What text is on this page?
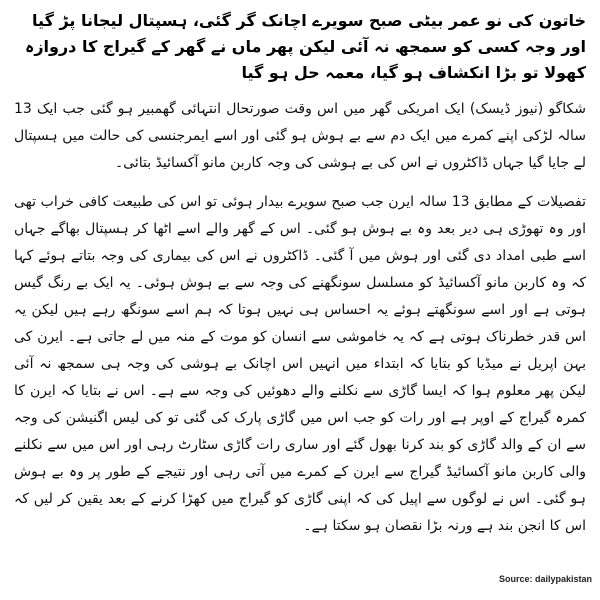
خاتون کی نو عمر بیٹی صبح سویرے اچانک گر گئی، ہسپتال لیجانا پڑ گیا اور وجہ کسی کو سمجھ نہ آئی لیکن پھر ماں نے گھر کے گیراج کا دروازہ کھولا تو بڑا انکشاف ہو گیا، معمہ حل ہو گیا

شکاگو (نیوز ڈیسک) ایک امریکی گھر میں اس وقت صورتحال انتہائی گھمبیر ہو گئی جب ایک 13 سالہ لڑکی اپنے کمرے میں ایک دم سے بے ہوش ہو گئی اور اسے ایمرجنسی کی حالت میں ہسپتال لے جایا گیا جہاں ڈاکٹروں نے اس کی بے ہوشی کی وجہ کاربن مانو آکسائیڈ بتائی۔

تفصیلات کے مطابق 13 سالہ ایرن جب صبح سویرے بیدار ہوئی تو اس کی طبیعت کافی خراب تھی اور وہ تھوڑی ہی دیر بعد وہ بے ہوش ہو گئی۔ اس کے گھر والے اسے اٹھا کر ہسپتال بھاگے جہاں اسے طبی امداد دی گئی اور ہوش میں آ گئی۔ ڈاکٹروں نے اس کی بیماری کی وجہ بتاتے ہوئے کہا کہ وہ کاربن مانو آکسائیڈ کو مسلسل سونگھنے کی وجہ سے بے ہوش ہوئی۔ یہ ایک بے رنگ گیس ہوتی ہے اور اسے سونگھتے ہوئے یہ احساس ہی نہیں ہوتا کہ ہم اسے سونگھ رہے ہیں لیکن یہ اس قدر خطرناک ہوتی ہے کہ یہ خاموشی سے انسان کو موت کے منہ میں لے جاتی ہے۔ ایرن کی بہن اپریل نے میڈیا کو بتایا کہ ابتداء میں انہیں اس اچانک بے ہوشی کی وجہ ہی سمجھ نہ آئی لیکن پھر معلوم ہوا کہ ایسا گاڑی سے نکلنے والے دھوئیں کی وجہ سے ہے۔ اس نے بتایا کہ ایرن کا کمرہ گیراج کے اوپر ہے اور رات کو جب اس میں گاڑی پارک کی گئی تو کی لیس اگنیشن کی وجہ سے ان کے والد گاڑی کو بند کرنا بھول گئے اور ساری رات گاڑی سٹارٹ رہی اور اس میں سے نکلنے والی کاربن مانو آکسائیڈ گیراج سے ایرن کے کمرے میں آتی رہی اور نتیجے کے طور پر وہ بے ہوش ہو گئی۔ اس نے لوگوں سے اپیل کی کہ اپنی گاڑی کو گیراج میں کھڑا کرنے کے بعد یقین کر لیں کہ اس کا انجن بند ہے ورنہ بڑا نقصان ہو سکتا ہے۔

Source: dailypakistan
